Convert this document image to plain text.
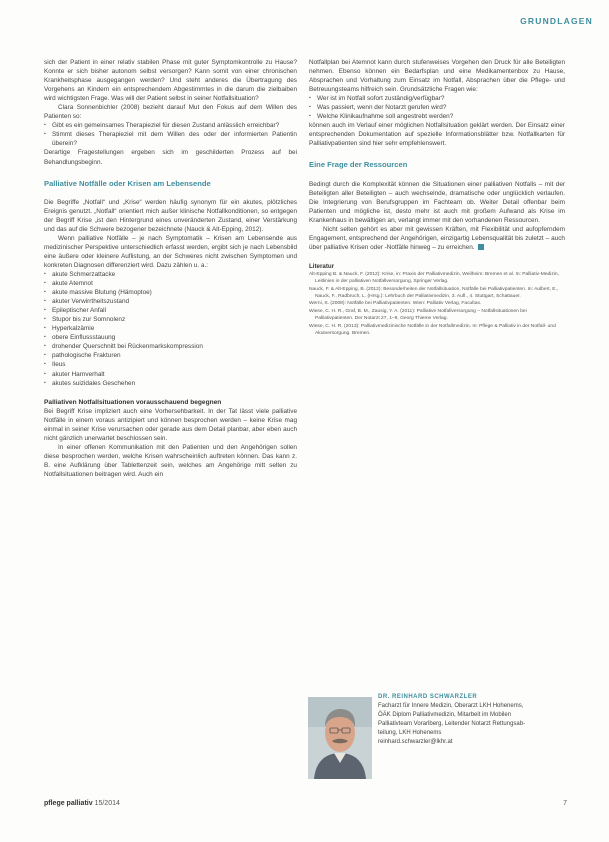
GRUNDLAGEN

sich der Patient in einer relativ stabilen Phase mit guter Symptomkontrolle zu Hause? Konnte er sich bisher autonom selbst versorgen? Kann somit von einer chronischen Krankheitsphase ausgegangen werden? Und steht anderes die Übertragung des Vorgehens an Kindern ein entsprechendem Abgestimmtes in die darum die zielbaiben wird wichtigsten Frage. Was will der Patient selbst in seiner Notfallsituation?

Clara Sonnenbichler (2008) bezieht darauf Mut den Fokus auf dem Willen des Patienten so:

▪ Gibt es ein gemeinsames Therapieziel für diesen Zustand anlässlich erreichbar?
▪ Stimmt dieses Therapieziel mit dem Willen des oder der informierten Patientin überein?

Derartige Fragestellungen ergeben sich im geschilderten Prozess auf bei Behandlungsbeginn.

Palliative Notfälle oder Krisen am Lebensende

Die Begriffe „Notfall“ und „Krise“ werden häufig synonym für ein akutes, plötzliches Ereignis genutzt. „Notfall“ orientiert mich außer klinische Notfallkonditionen, so entgegen der Begriff Krise „ist den Hintergrund eines unveränderten Zustand, einer Verstärkung und das auf die Schwere bezogener bezeichnete (Nauck & Alt-Epping, 2012).

Wenn palliative Notfälle – je nach Symptomatik – Krisen am Lebensende aus medizinischer Perspektive unterschiedlich erfasst werden, ergibt sich je nach Lebensbild eine äußere oder kleinere Auflistung, an der Schweres nicht zwischen Symptomen und konkreten Diagnosen differenziert wird. Dazu zählen u. a.:

▪ akute Schmerzattacke
▪ akute Atemnot
▪ akute massive Blutung (Hämoptoe)
▪ akuter Verwirrtheitszustand
▪ Epileptischer Anfall
▪ Stupor bis zur Somnolenz
▪ Hyperkalzämie
▪ obere Einflussstauung
▪ drohender Querschnitt bei Rückenmarkskompression
▪ pathologische Frakturen
▪ Ileus
▪ akuter Harnverhalt
▪ akutes suizidales Geschehen
Palliativen Notfallsituationen vorausschauend begegnen

Bei Begriff Krise impliziert auch eine Vorhersehbarkeit. In der Tat lässt viele palliative Notfälle in einem voraus antizipiert und können besprochen werden – keine Krise mag einmal in seiner Krise verursachen oder gerade aus dem Detail planbar, aber eben auch nicht gänzlich unerwartet beschlossen sein.

In einer offenen Kommunikation mit den Patienten und den Angehörigen sollen diese besprochen werden, welche Krisen wahrscheinlich auftreten können. Das kann z. B. eine Aufklärung über Tablettenzeit sein, welches am Angehörige mitt selten zu Notfallsituationen beitragen wird. Auch ein

Notfallplan bei Atemnot kann durch stufenweises Vorgehen den Druck für alle Beteiligten nehmen. Ebenso können ein Bedarfsplan und eine Medikamentenbox zu Hause, Absprachen und Vorhaltung zum Einsatz im Notfall, Absprachen über die Pflege- und Betreuungsteams hilfreich sein. Grundsätzliche Fragen wie:

▪ Wer ist im Notfall sofort zuständig/verfügbar?
▪ Was passiert, wenn der Notarzt gerufen wird?
▪ Welche Klinikaufnahme soll angestrebt werden?

können auch im Verlauf einer möglichen Notfallsituation geklärt werden. Der Einsatz einer entsprechenden Dokumentation auf spezielle Informationsblätter bzw. Notfallkarten für Palliativpatienten sind hier sehr empfehlenswert.

Eine Frage der Ressourcen

Bedingt durch die Komplexität können die Situationen einer palliativen Notfalls – mit der Beteiligten aller Beteiligten – auch wechselnde, dramatische oder unglücklich verlaufen. Die Integrierung von Berufsgruppen im Fachteam ob. Weiter Detail offenbar beim Patienten und mögliche ist, desto mehr ist auch mit großem Aufwand als Krise im Krankenhaus in bewältigen an, verlangt immer mit den vorhandenen Ressourcen.

Nicht selten gehört es aber mit gewissen Kräften, mit Flexibilität und aufopferndem Engagement, entsprechend der Angehörigen, einzigartig Lebensqualität bis zuletzt – auch über palliative Krisen oder -Notfälle hinweg – zu erreichen.

Literatur

Alt-Epping B. & Nauck, F. (2012): Krise, in: Praxis der Palliativmedizin, Weilheim: Bremen et al. In: Palliativ-Medizin, Leitlinien in der palliativen Notfallversorgung, Springer Verlag.

Nauck, F. & Alt-Epping, B. (2012): Besonderheiten der Notfallsituation, Notfälle bei Palliativpatienten. In: Aulbert, E., Nauck, F., Radbruch, L. (Hrsg.): Lehrbuch der Palliativmedizin, 3. Aufl., 4. Stuttgart, Schattauer.

Werni, S. (2008): Notfälle bei Palliativpatienten. Wien: Palliativ Verlag, Facultas.

Wiese, C. H. R., Graf, B. M., Zausig, Y. A. (2011): Palliative Notfallversorgung – Notfallsituationen bei Palliativpatienten. Der Notarzt 27, 1–9, Georg Thieme Verlag.

Wiese, C. H. R. (2013): Palliativmedizinische Notfälle in der Notfallmedizin. In: Pflege & Palliativ in der Notfall- und Akutversorgung. Bremen.

DR. REINHARD SCHWARZLER
Facharzt für Innere Medizin, Oberarzt LKH Hohenems,
ÖÄK Diplom Palliativmedizin, Mitarbeit im Mobilen
Palliativteam Vorarlberg, Leitender Notarzt Rettungsab-
teilung, LKH Hohenems
reinhard.schwarzler@lkhr.at
pflege palliativ 15/2014	7
